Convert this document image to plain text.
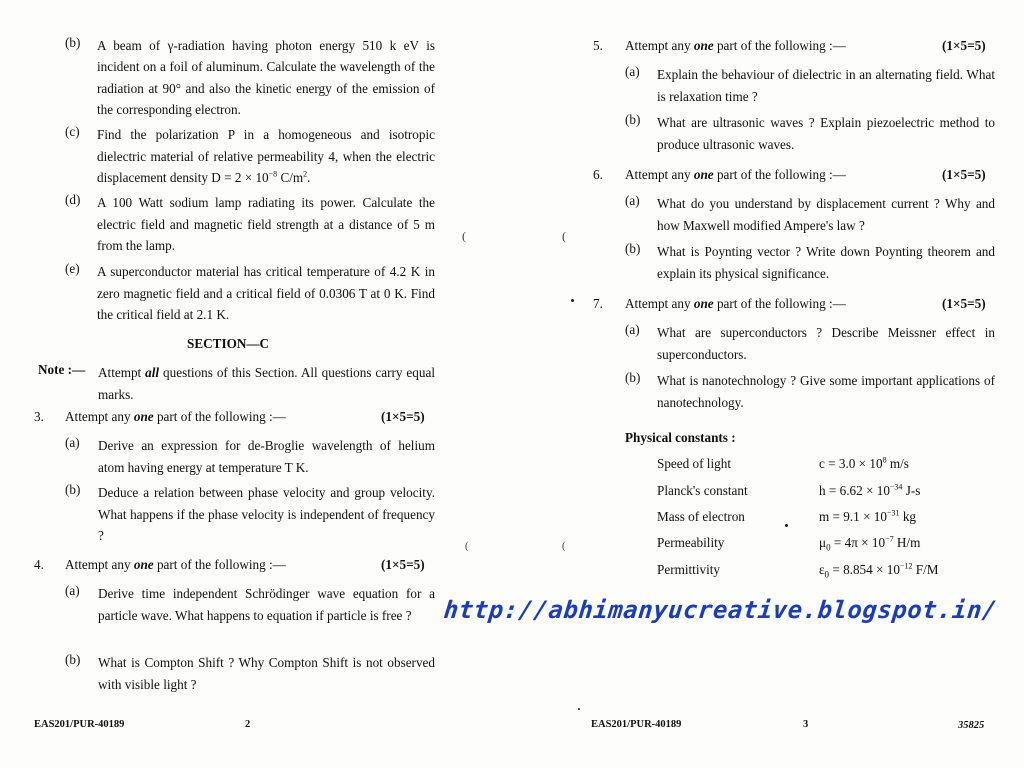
(b) A beam of γ-radiation having photon energy 510 k eV is incident on a foil of aluminum. Calculate the wavelength of the radiation at 90° and also the kinetic energy of the emission of the corresponding electron.
(c) Find the polarization P in a homogeneous and isotropic dielectric material of relative permeability 4, when the electric displacement density $D = 2 \times 10^{-8}$ $C/m^2$.
(d) A 100 Watt sodium lamp radiating its power. Calculate the electric field and magnetic field strength at a distance of 5 m from the lamp.
(e) A superconductor material has critical temperature of 4.2 K in zero magnetic field and a critical field of 0.0306 T at 0 K. Find the critical field at 2.1 K.
SECTION—C
Note :— Attempt all questions of this Section. All questions carry equal marks.
3. Attempt any one part of the following :—	(1×5=5)
(a) Derive an expression for de-Broglie wavelength of helium atom having energy at temperature T K.
(b) Deduce a relation between phase velocity and group velocity. What happens if the phase velocity is independent of frequency ?
4. Attempt any one part of the following :—	(1×5=5)
(a) Derive time independent Schrödinger wave equation for a particle wave. What happens to equation if particle is free ?
(b) What is Compton Shift ? Why Compton Shift is not observed with visible light ?
EAS201/PUR-40189	2
(
(
(
(
5. Attempt any one part of the following :—	(1×5=5)
(a) Explain the behaviour of dielectric in an alternating field. What is relaxation time ?
(b) What are ultrasonic waves ? Explain piezoelectric method to produce ultrasonic waves.
6. Attempt any one part of the following :—	(1×5=5)
(a) What do you understand by displacement current ? Why and how Maxwell modified Ampere's law ?
(b) What is Poynting vector ? Write down Poynting theorem and explain its physical significance.
7. Attempt any one part of the following :—	(1×5=5)
(a) What are superconductors ? Describe Meissner effect in superconductors.
(b) What is nanotechnology ? Give some important applications of nanotechnology.
Physical constants :
Speed of light	$c = 3.0 \times 10^8$ m/s
Planck's constant	$h = 6.62 \times 10^{-34}$ J-s
Mass of electron	$m = 9.1 \times 10^{-31}$ kg
Permeability	$\mu_0 = 4\pi \times 10^{-7}$ H/m
Permittivity	$\varepsilon_0 = 8.854 \times 10^{-12}$ F/M
EAS201/PUR-40189	3	35825
http://abhimanyucreative.blogspot.in/
